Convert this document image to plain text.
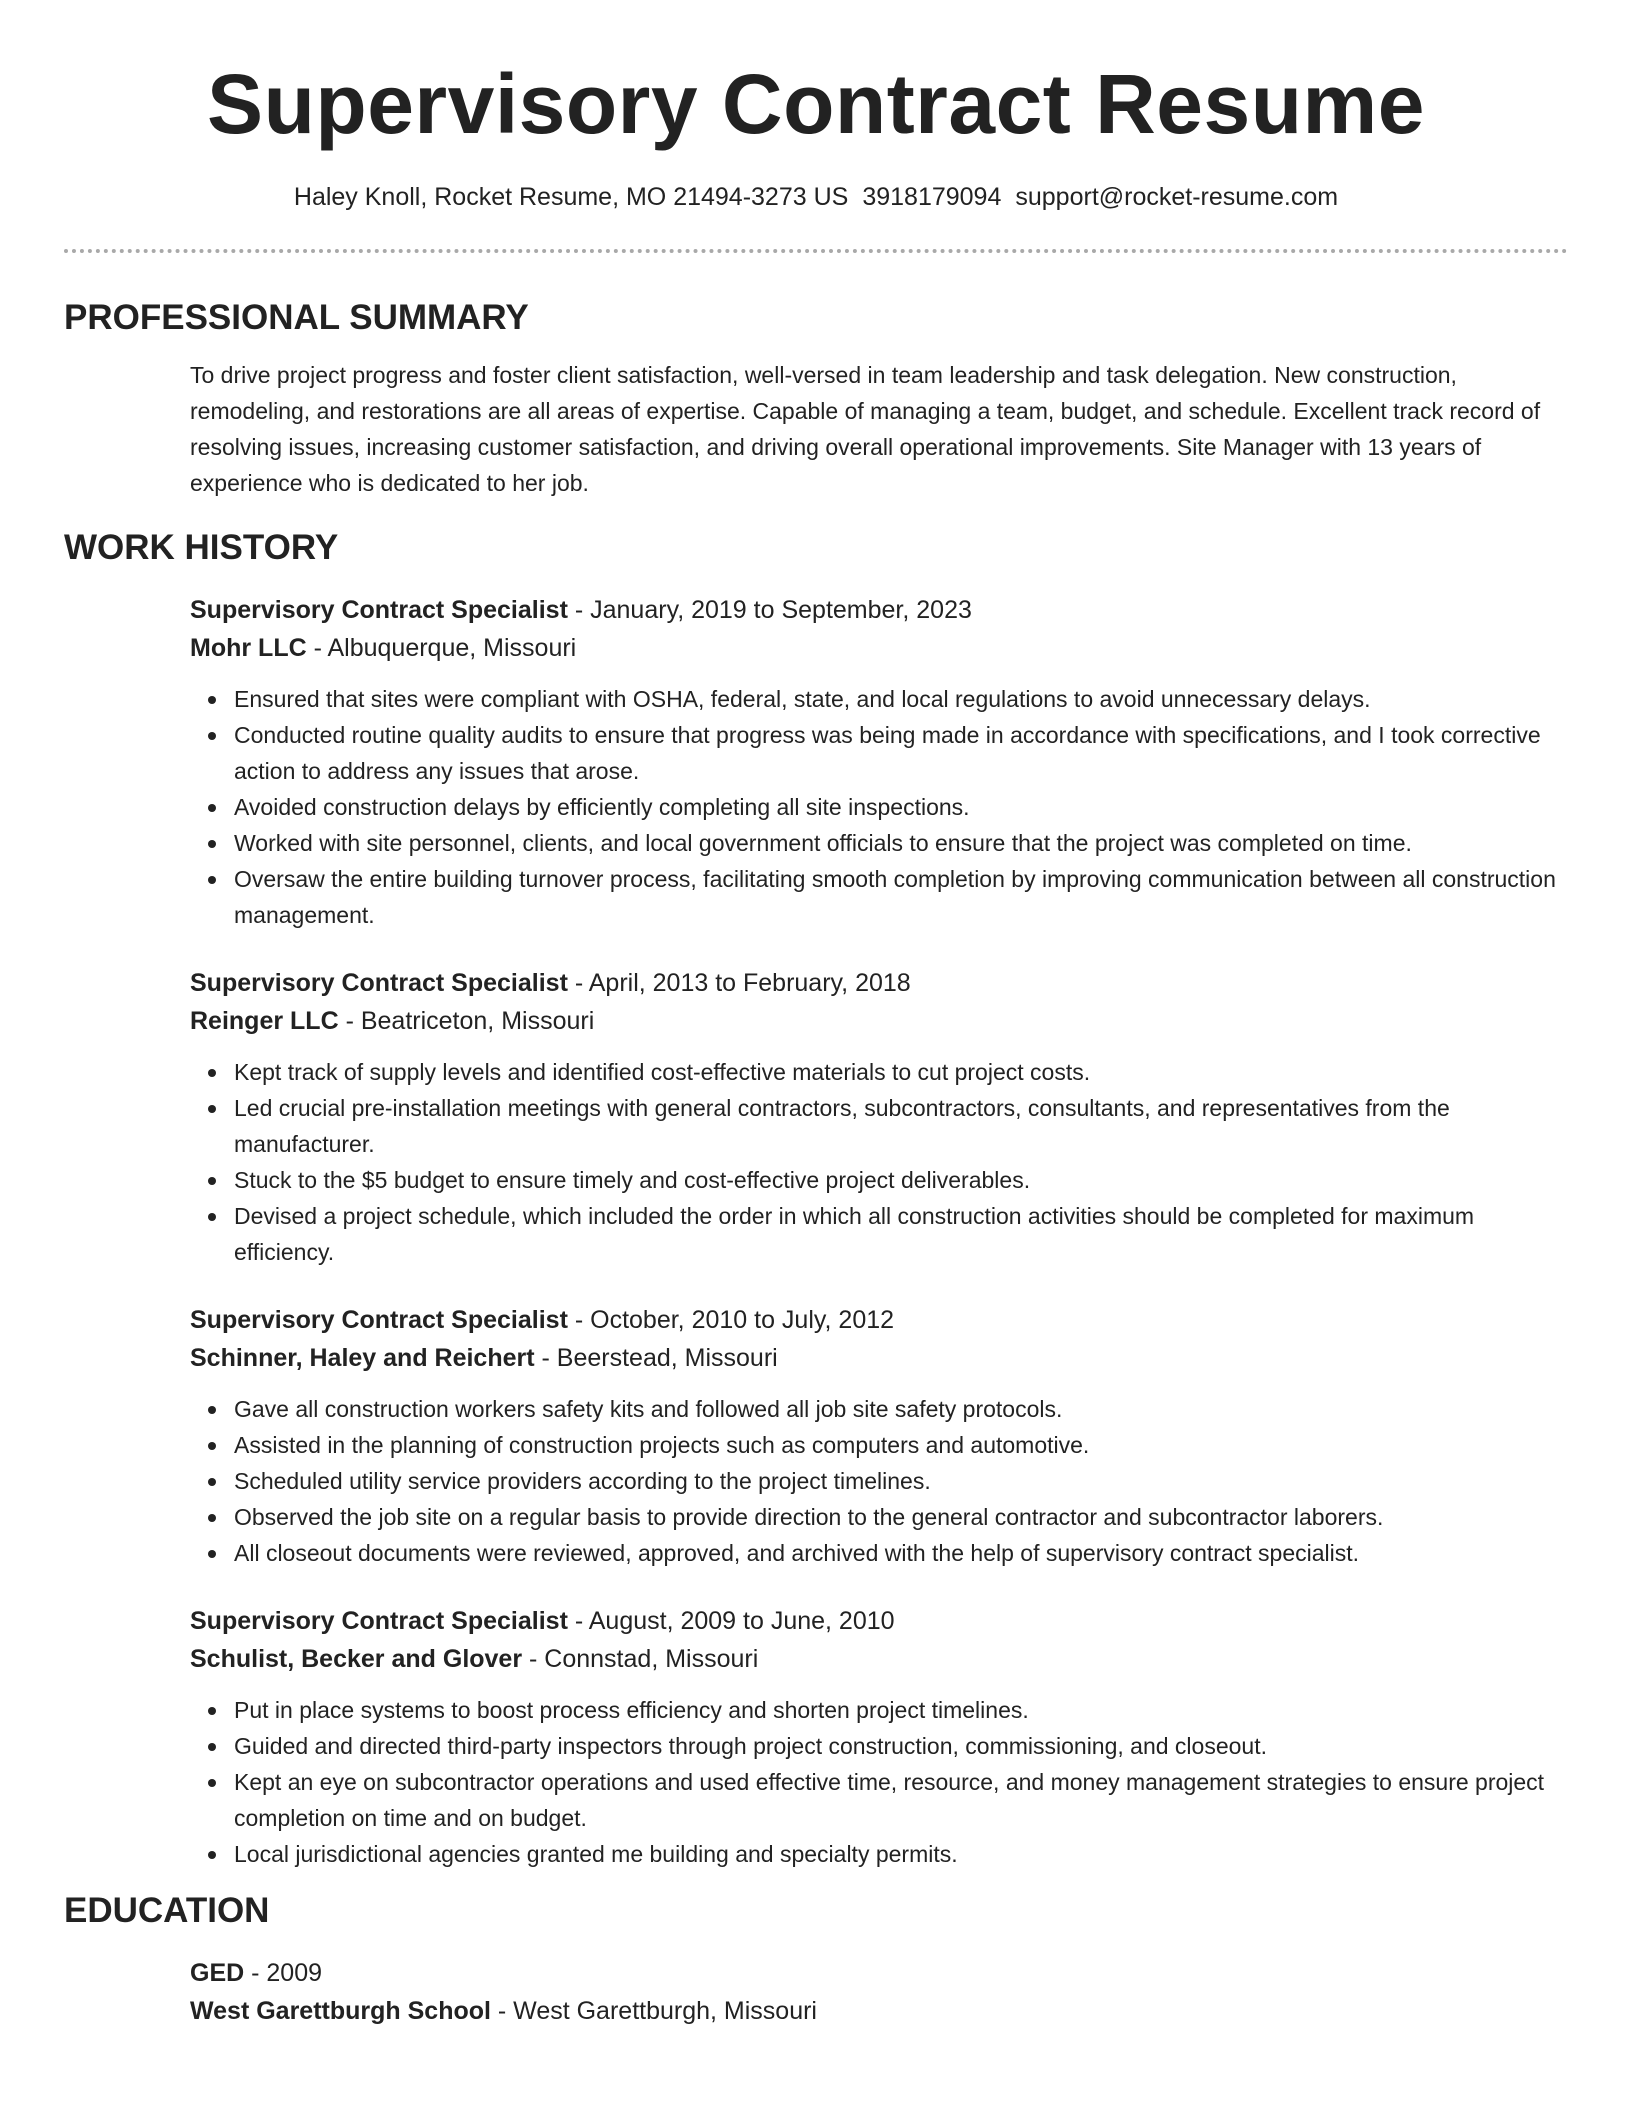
Supervisory Contract Resume
Haley Knoll, Rocket Resume, MO 21494-3273 US 3918179094 support@rocket-resume.com
PROFESSIONAL SUMMARY

To drive project progress and foster client satisfaction, well-versed in team leadership and task delegation. New construction, remodeling, and restorations are all areas of expertise. Capable of managing a team, budget, and schedule. Excellent track record of resolving issues, increasing customer satisfaction, and driving overall operational improvements. Site Manager with 13 years of experience who is dedicated to her job.

WORK HISTORY

Supervisory Contract Specialist - January, 2019 to September, 2023

Mohr LLC - Albuquerque, Missouri

Ensured that sites were compliant with OSHA, federal, state, and local regulations to avoid unnecessary delays.
Conducted routine quality audits to ensure that progress was being made in accordance with specifications, and I took corrective action to address any issues that arose.
Avoided construction delays by efficiently completing all site inspections.
Worked with site personnel, clients, and local government officials to ensure that the project was completed on time.
Oversaw the entire building turnover process, facilitating smooth completion by improving communication between all construction management.

Supervisory Contract Specialist - April, 2013 to February, 2018

Reinger LLC - Beatriceton, Missouri

Kept track of supply levels and identified cost-effective materials to cut project costs.
Led crucial pre-installation meetings with general contractors, subcontractors, consultants, and representatives from the manufacturer.
Stuck to the $5 budget to ensure timely and cost-effective project deliverables.
Devised a project schedule, which included the order in which all construction activities should be completed for maximum efficiency.

Supervisory Contract Specialist - October, 2010 to July, 2012

Schinner, Haley and Reichert - Beerstead, Missouri

Gave all construction workers safety kits and followed all job site safety protocols.
Assisted in the planning of construction projects such as computers and automotive.
Scheduled utility service providers according to the project timelines.
Observed the job site on a regular basis to provide direction to the general contractor and subcontractor laborers.
All closeout documents were reviewed, approved, and archived with the help of supervisory contract specialist.

Supervisory Contract Specialist - August, 2009 to June, 2010

Schulist, Becker and Glover - Connstad, Missouri

Put in place systems to boost process efficiency and shorten project timelines.
Guided and directed third-party inspectors through project construction, commissioning, and closeout.
Kept an eye on subcontractor operations and used effective time, resource, and money management strategies to ensure project completion on time and on budget.
Local jurisdictional agencies granted me building and specialty permits.
EDUCATION

GED - 2009

West Garettburgh School - West Garettburgh, Missouri
